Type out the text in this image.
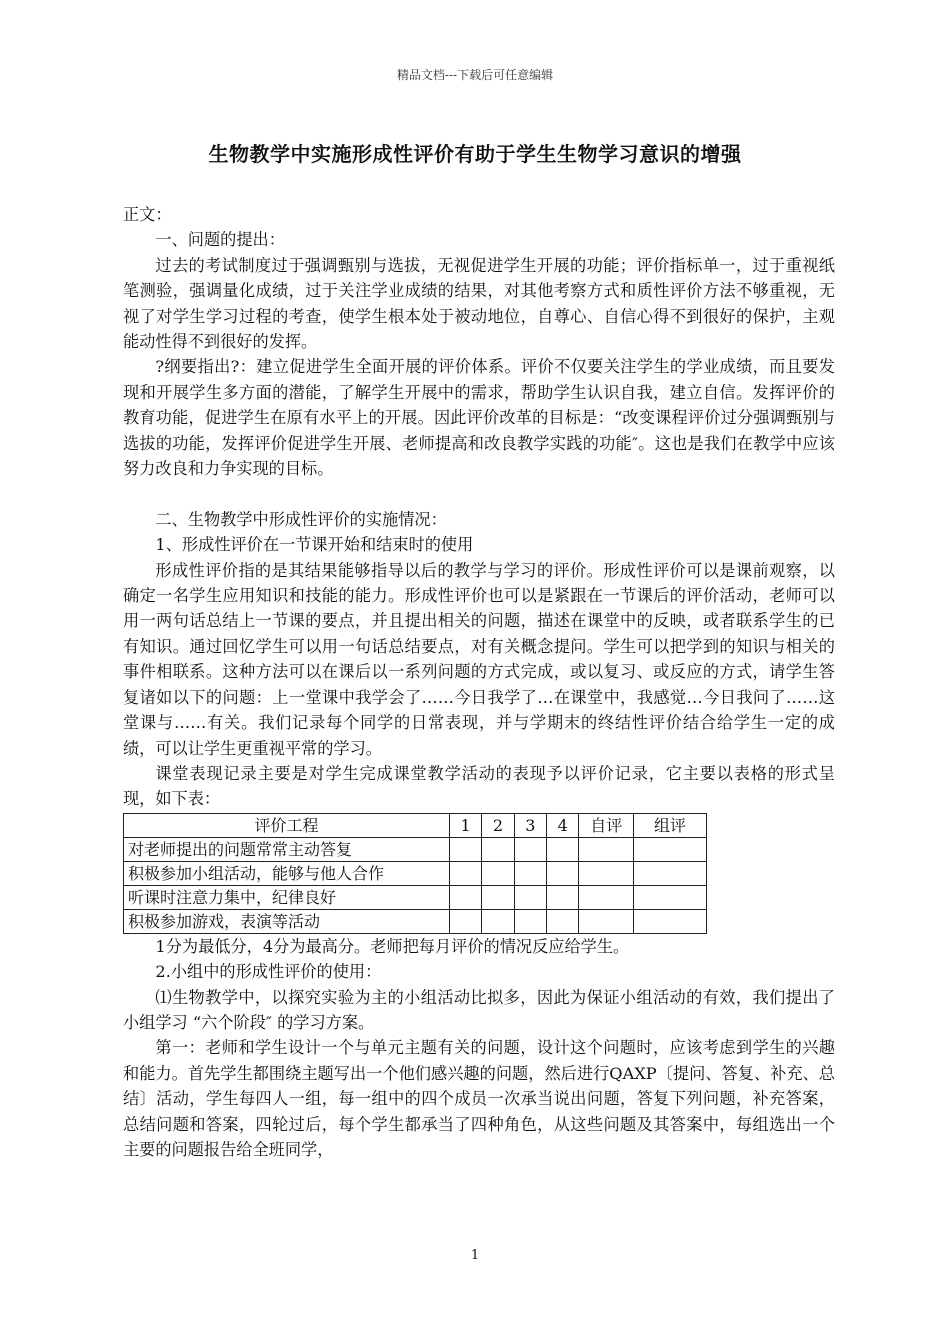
精品文档---下载后可任意编辑
生物教学中实施形成性评价有助于学生生物学习意识的增强

正文：

一、问题的提出：

过去的考试制度过于强调甄别与选拔，无视促进学生开展的功能；评价指标单一，过于重视纸笔测验，强调量化成绩，过于关注学业成绩的结果，对其他考察方式和质性评价方法不够重视，无视了对学生学习过程的考查，使学生根本处于被动地位，自尊心、自信心得不到很好的保护，主观能动性得不到很好的发挥。

?纲要指出?：建立促进学生全面开展的评价体系。评价不仅要关注学生的学业成绩，而且要发现和开展学生多方面的潜能，了解学生开展中的需求，帮助学生认识自我，建立自信。发挥评价的教育功能，促进学生在原有水平上的开展。因此评价改革的目标是：“改变课程评价过分强调甄别与选拔的功能，发挥评价促进学生开展、老师提高和改良教学实践的功能″。这也是我们在教学中应该努力改良和力争实现的目标。

二、生物教学中形成性评价的实施情况：

1、形成性评价在一节课开始和结束时的使用

形成性评价指的是其结果能够指导以后的教学与学习的评价。形成性评价可以是课前观察，以确定一名学生应用知识和技能的能力。形成性评价也可以是紧跟在一节课后的评价活动，老师可以用一两句话总结上一节课的要点，并且提出相关的问题，描述在课堂中的反映，或者联系学生的已有知识。通过回忆学生可以用一句话总结要点，对有关概念提问。学生可以把学到的知识与相关的事件相联系。这种方法可以在课后以一系列问题的方式完成，或以复习、或反应的方式，请学生答复诸如以下的问题：上一堂课中我学会了……今日我学了…在课堂中，我感觉…今日我问了……这堂课与……有关。我们记录每个同学的日常表现，并与学期末的终结性评价结合给学生一定的成绩，可以让学生更重视平常的学习。

课堂表现记录主要是对学生完成课堂教学活动的表现予以评价记录，它主要以表格的形式呈现，如下表：

评价工程	1	2	3	4	自评	组评
对老师提出的问题常常主动答复						
积极参加小组活动，能够与他人合作						
听课时注意力集中，纪律良好						
积极参加游戏，表演等活动						

1分为最低分，4分为最高分。老师把每月评价的情况反应给学生。

2.小组中的形成性评价的使用：

⑴生物教学中，以探究实验为主的小组活动比拟多，因此为保证小组活动的有效，我们提出了小组学习 “六个阶段″ 的学习方案。

第一：老师和学生设计一个与单元主题有关的问题，设计这个问题时，应该考虑到学生的兴趣和能力。首先学生都围绕主题写出一个他们感兴趣的问题，然后进行QAXP〔提问、答复、补充、总结〕活动，学生每四人一组，每一组中的四个成员一次承当说出问题，答复下列问题，补充答案，总结问题和答案，四轮过后，每个学生都承当了四种角色，从这些问题及其答案中，每组选出一个主要的问题报告给全班同学，

1
